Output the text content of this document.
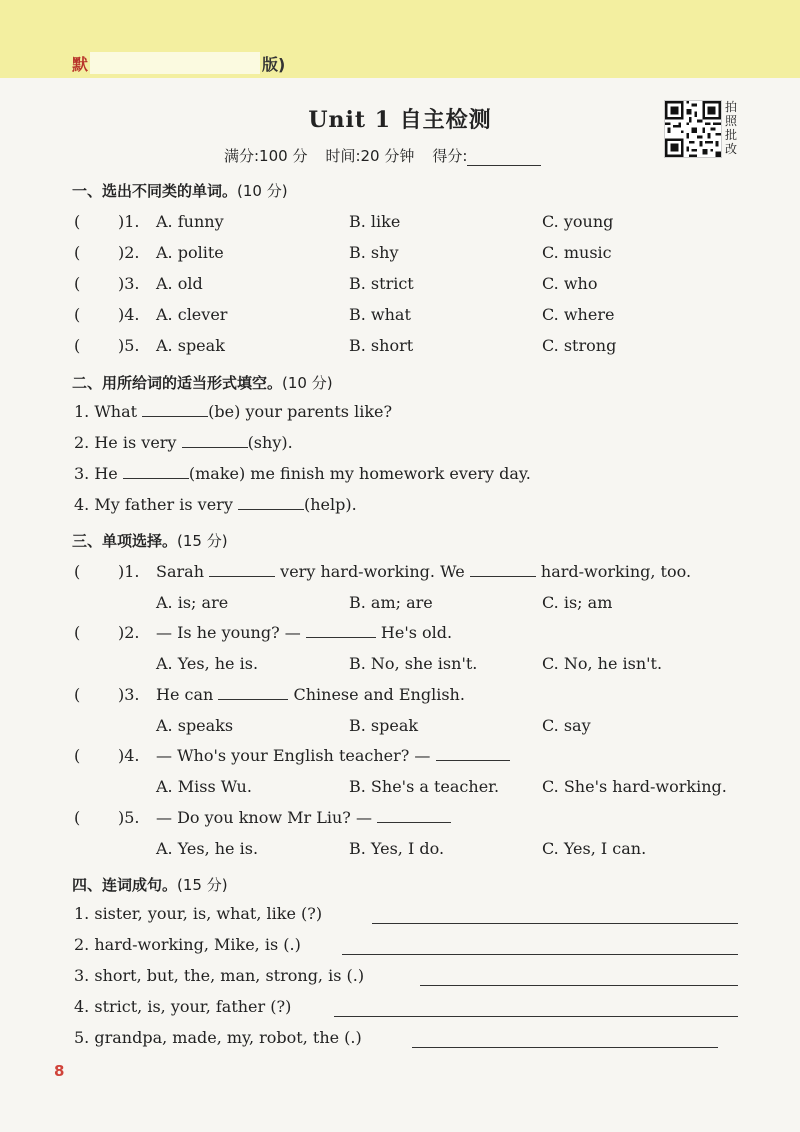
默	版)
Unit 1 自主检测
满分:100 分 时间:20 分钟 得分:
拍照批改
一、选出不同类的单词。(10 分)
( )1. A. funny	B. like	C. young
( )2. A. polite	B. shy	C. music
( )3. A. old	B. strict	C. who
( )4. A. clever	B. what	C. where
( )5. A. speak	B. short	C. strong
二、用所给词的适当形式填空。(10 分)
1. What	(be) your parents like?
2. He is very	(shy).
3. He	(make) me finish my homework every day.
4. My father is very	(help).
三、单项选择。(15 分)
( )1. Sarah	very hard-working. We	hard-working, too.
A. is; are	B. am; are	C. is; am
( )2. — Is he young? —	He's old.
A. Yes, he is.	B. No, she isn't.	C. No, he isn't.
( )3. He can	Chinese and English.
A. speaks	B. speak	C. say
( )4. — Who's your English teacher? —
A. Miss Wu.	B. She's a teacher.	C. She's hard-working.
( )5. — Do you know Mr Liu? —
A. Yes, he is.	B. Yes, I do.	C. Yes, I can.
四、连词成句。(15 分)
1. sister, your, is, what, like (?)
2. hard-working, Mike, is (.)
3. short, but, the, man, strong, is (.)
4. strict, is, your, father (?)
5. grandpa, made, my, robot, the (.)
8
